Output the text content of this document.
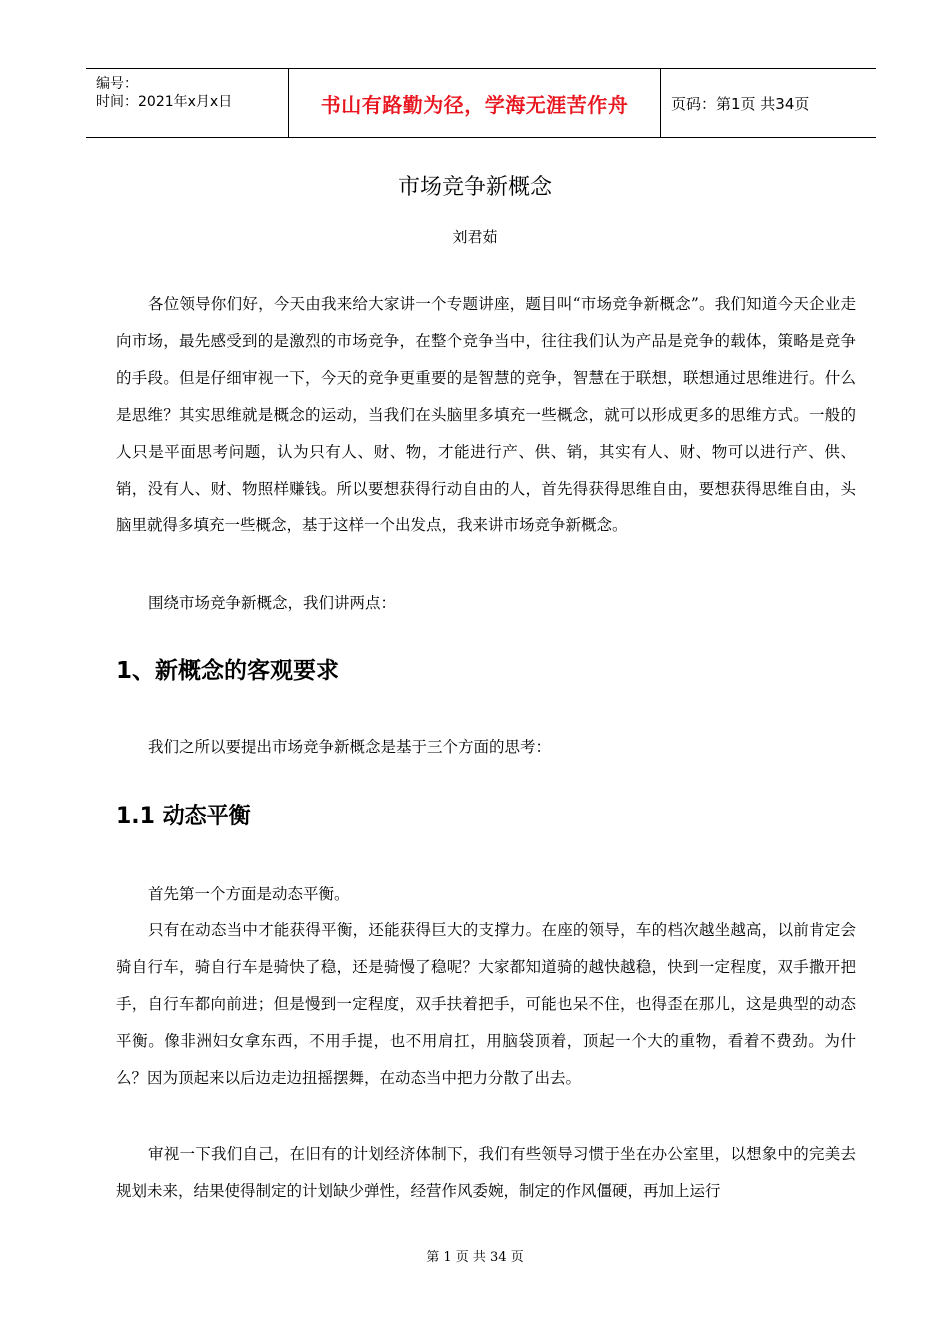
编号：
时间：2021年x月x日	书山有路勤为径，学海无涯苦作舟	页码：第1页 共34页
市场竞争新概念
刘君茹

各位领导你们好，今天由我来给大家讲一个专题讲座，题目叫“市场竞争新概念”。我们知道今天企业走向市场，最先感受到的是激烈的市场竞争，在整个竞争当中，往往我们认为产品是竞争的载体，策略是竞争的手段。但是仔细审视一下，今天的竞争更重要的是智慧的竞争，智慧在于联想，联想通过思维进行。什么是思维？其实思维就是概念的运动，当我们在头脑里多填充一些概念，就可以形成更多的思维方式。一般的人只是平面思考问题，认为只有人、财、物，才能进行产、供、销，其实有人、财、物可以进行产、供、销，没有人、财、物照样赚钱。所以要想获得行动自由的人，首先得获得思维自由，要想获得思维自由，头脑里就得多填充一些概念，基于这样一个出发点，我来讲市场竞争新概念。

围绕市场竞争新概念，我们讲两点：

1、新概念的客观要求

我们之所以要提出市场竞争新概念是基于三个方面的思考：

1.1 动态平衡

首先第一个方面是动态平衡。

只有在动态当中才能获得平衡，还能获得巨大的支撑力。在座的领导，车的档次越坐越高，以前肯定会骑自行车，骑自行车是骑快了稳，还是骑慢了稳呢？大家都知道骑的越快越稳，快到一定程度，双手撒开把手，自行车都向前进；但是慢到一定程度，双手扶着把手，可能也呆不住，也得歪在那儿，这是典型的动态平衡。像非洲妇女拿东西，不用手提，也不用肩扛，用脑袋顶着，顶起一个大的重物，看着不费劲。为什么？因为顶起来以后边走边扭摇摆舞，在动态当中把力分散了出去。

审视一下我们自己，在旧有的计划经济体制下，我们有些领导习惯于坐在办公室里，以想象中的完美去规划未来，结果使得制定的计划缺少弹性，经营作风委婉，制定的作风僵硬，再加上运行

第 1 页 共 34 页
